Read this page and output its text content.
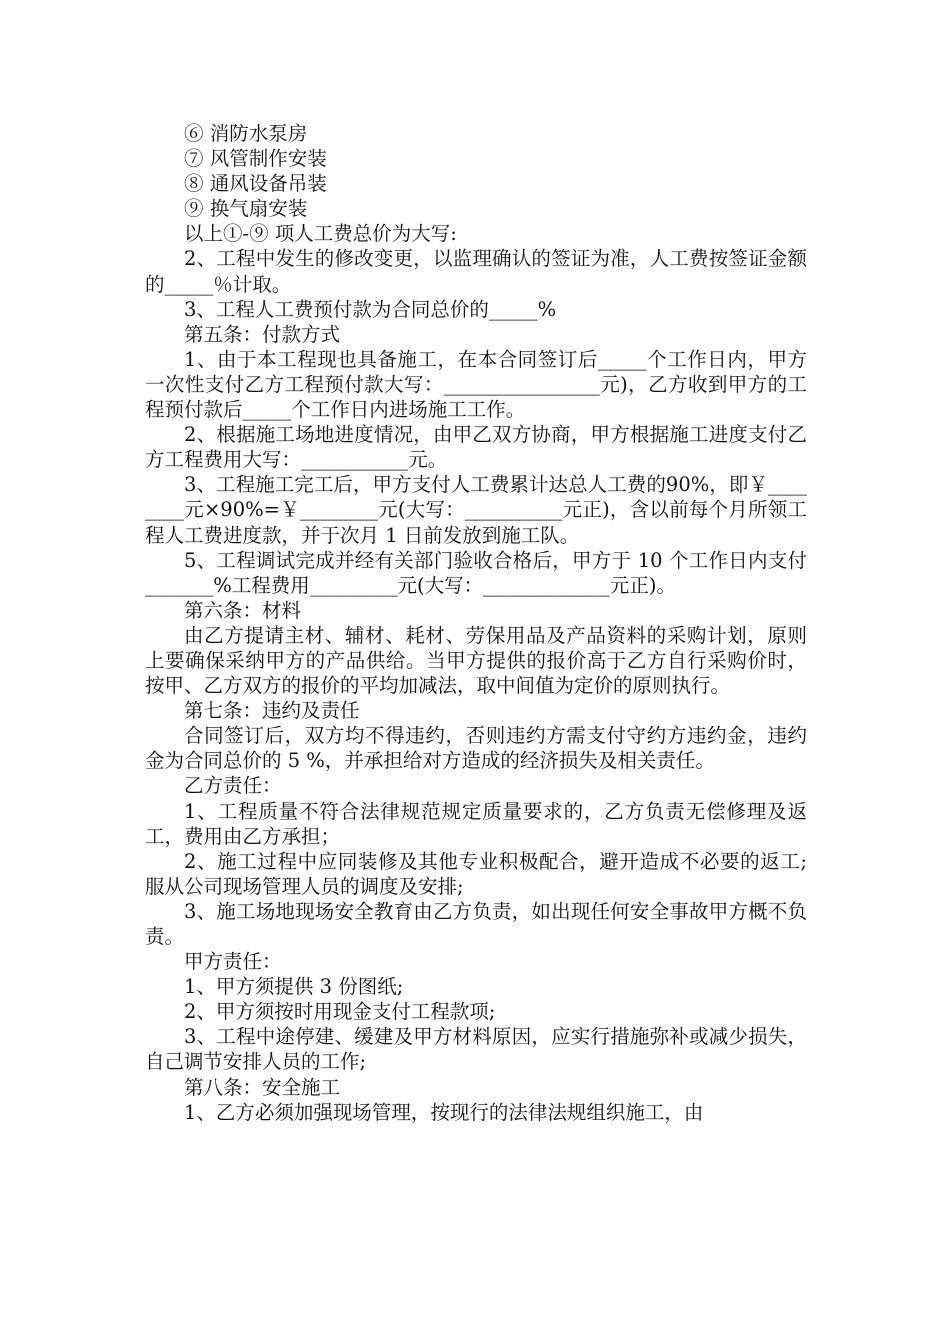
⑥ 消防水泵房

⑦ 风管制作安装

⑧ 通风设备吊装

⑨ 换气扇安装

以上①-⑨ 项人工费总价为大写:

2、工程中发生的修改变更，以监理确认的签证为准，人工费按签证金额的_____％计取。

3、工程人工费预付款为合同总价的_____%

第五条：付款方式

1、由于本工程现也具备施工，在本合同签订后_____个工作日内，甲方一次性支付乙方工程预付款大写：________________元)，乙方收到甲方的工程预付款后_____个工作日内进场施工工作。

2、根据施工场地进度情况，由甲乙双方协商，甲方根据施工进度支付乙方工程费用大写：___________元。

3、工程施工完工后，甲方支付人工费累计达总人工费的90%，即￥________元×90%=￥________元(大写：__________元正)，含以前每个月所领工程人工费进度款，并于次月 1 日前发放到施工队。

5、工程调试完成并经有关部门验收合格后，甲方于 10 个工作日内支付_______%工程费用_________元(大写：_____________元正)。

第六条：材料

由乙方提请主材、辅材、耗材、劳保用品及产品资料的采购计划，原则上要确保采纳甲方的产品供给。当甲方提供的报价高于乙方自行采购价时，按甲、乙方双方的报价的平均加减法，取中间值为定价的原则执行。

第七条：违约及责任

合同签订后，双方均不得违约，否则违约方需支付守约方违约金，违约金为合同总价的 5 %，并承担给对方造成的经济损失及相关责任。

乙方责任：

1、工程质量不符合法律规范规定质量要求的，乙方负责无偿修理及返工，费用由乙方承担；

2、施工过程中应同装修及其他专业积极配合，避开造成不必要的返工;服从公司现场管理人员的调度及安排;

3、施工场地现场安全教育由乙方负责，如出现任何安全事故甲方概不负责。

甲方责任：

1、甲方须提供 3 份图纸;

2、甲方须按时用现金支付工程款项;

3、工程中途停建、缓建及甲方材料原因，应实行措施弥补或减少损失，自己调节安排人员的工作;

第八条：安全施工

1、乙方必须加强现场管理，按现行的法律法规组织施工，由
